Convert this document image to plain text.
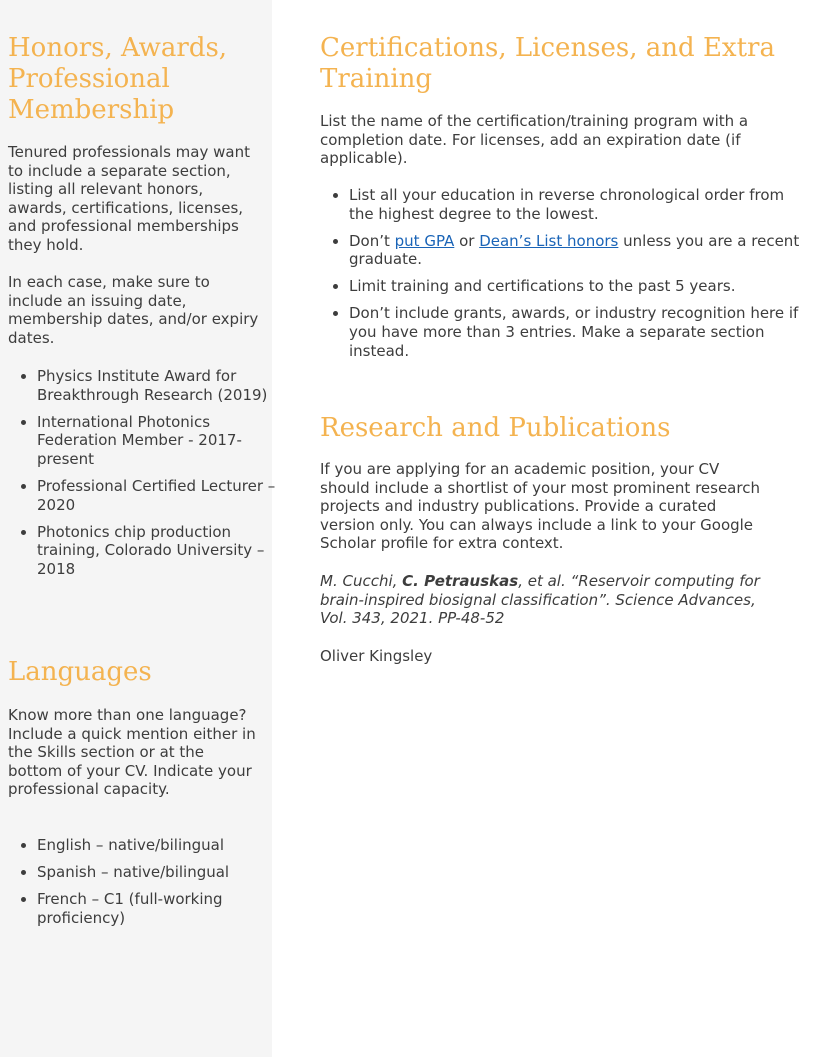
Honors, Awards, Professional Membership

Tenured professionals may want to include a separate section, listing all relevant honors, awards, certifications, licenses, and professional memberships they hold.

In each case, make sure to include an issuing date, membership dates, and/or expiry dates.

• Physics Institute Award for Breakthrough Research (2019)
• International Photonics Federation Member - 2017-present
• Professional Certified Lecturer – 2020
• Photonics chip production training, Colorado University – 2018
Languages

Know more than one language? Include a quick mention either in the Skills section or at the bottom of your CV. Indicate your professional capacity.

• English – native/bilingual
• Spanish – native/bilingual
• French – C1 (full-working proficiency)
Certifications, Licenses, and Extra Training

List the name of the certification/training program with a completion date. For licenses, add an expiration date (if applicable).

• List all your education in reverse chronological order from the highest degree to the lowest.
• Don’t put GPA or Dean’s List honors unless you are a recent graduate.
• Limit training and certifications to the past 5 years.
• Don’t include grants, awards, or industry recognition here if you have more than 3 entries. Make a separate section instead.
Research and Publications

If you are applying for an academic position, your CV should include a shortlist of your most prominent research projects and industry publications. Provide a curated version only. You can always include a link to your Google Scholar profile for extra context.

M. Cucchi, C. Petrauskas, et al. “Reservoir computing for brain-inspired biosignal classification”. Science Advances, Vol. 343, 2021. PP-48-52

Oliver Kingsley
